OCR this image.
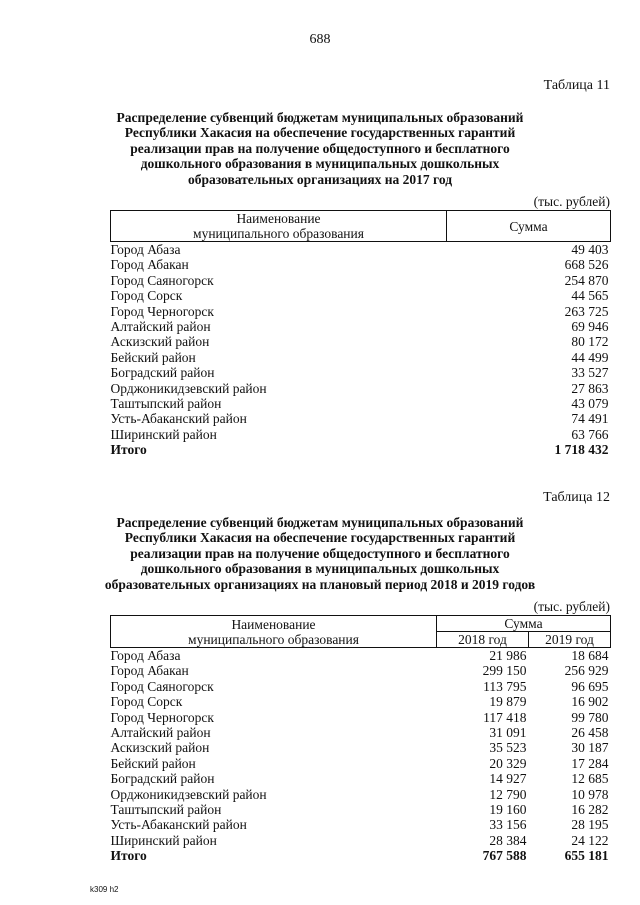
688
Таблица 11
Распределение субвенций бюджетам муниципальных образований
Республики Хакасия на обеспечение государственных гарантий
реализации прав на получение общедоступного и бесплатного
дошкольного образования в муниципальных дошкольных
образовательных организациях на 2017 год
(тыс. рублей)
Наименование
муниципального образования	Сумма
Город Абаза	49 403
Город Абакан	668 526
Город Саяногорск	254 870
Город Сорск	44 565
Город Черногорск	263 725
Алтайский район	69 946
Аскизский район	80 172
Бейский район	44 499
Боградский район	33 527
Орджоникидзевский район	27 863
Таштыпский район	43 079
Усть-Абаканский район	74 491
Ширинский район	63 766
Итого	1 718 432
Таблица 12
Распределение субвенций бюджетам муниципальных образований
Республики Хакасия на обеспечение государственных гарантий
реализации прав на получение общедоступного и бесплатного
дошкольного образования в муниципальных дошкольных
образовательных организациях на плановый период 2018 и 2019 годов
(тыс. рублей)
Наименование
муниципального образования	Сумма	
	2018 год	2019 год
Город Абаза	21 986	18 684
Город Абакан	299 150	256 929
Город Саяногорск	113 795	96 695
Город Сорск	19 879	16 902
Город Черногорск	117 418	99 780
Алтайский район	31 091	26 458
Аскизский район	35 523	30 187
Бейский район	20 329	17 284
Боградский район	14 927	12 685
Орджоникидзевский район	12 790	10 978
Таштыпский район	19 160	16 282
Усть-Абаканский район	33 156	28 195
Ширинский район	28 384	24 122
Итого	767 588	655 181
k309 h2
